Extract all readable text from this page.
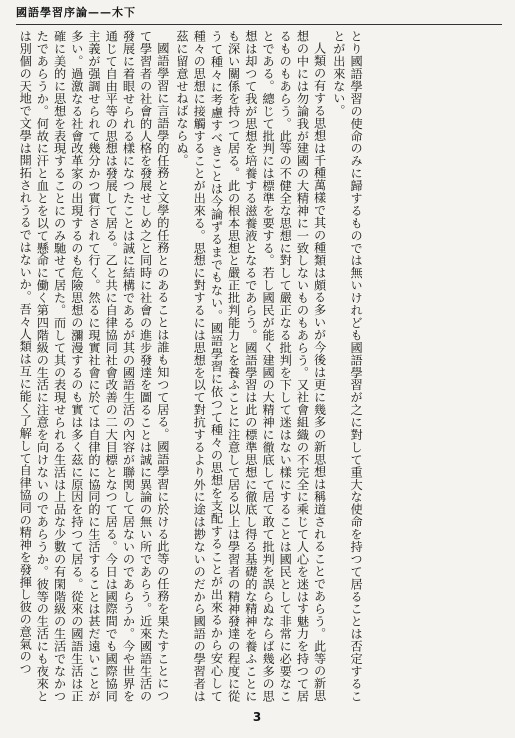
國語學習序論——木下

とり國語學習の使命のみに歸するものでは無いけれども國語學習が之に對して重大な使命を持つて居ることは否定することが出來ない。

人類の有する思想は千種萬樣で其の種類は頗る多いが今後は更に幾多の新思想は稱道されることであらう。此等の新思想の中には勿論我が建國の大精神に一致しないものもあらう。又社會組織の不完全に乘じて人心を迷はす魅力を持つて居るものもあらう。此等の不健全な思想に對して嚴正なる批判を下して迷はない樣にすることは國民として非常に必要なことである。總じて批判には標準を要する。若し國民が能く建國の大精神に徹底して居て敢て批判を誤らぬならば幾多の思想は却つて我が思想を培養する滋養液となるであらう。國語學習は此の標準思想に徹底し得る基礎的な精神を養ふことにも深い關係を持つて居る。此の根本思想と嚴正批判能力とを養ふことに注意して居る以上は學習者の精神發達の程度に從うて種々に考慮すべきことは今論ずるまでもない。國語學習に依つて種々の思想を支配することが出來るから安心して種々の思想に接觸することが出來る。思想に對するには思想を以て對抗するより外に途は尠ないのだから國語の學習者は茲に留意せねばならぬ。

國語學習に言語學的任務と文學的任務とのあることは誰も知つて居る。國語學習に於ける此等の任務を果たすことにつて學習者の社會的人格を發展せしめ之と同時に社會の進步發達を圖ることは誠に異論の無い所であらう。近來國語生活の發展に着眼せられる樣になつたことは誠に結構であるが其の國語生活の內容が聯関して居ないのであらうか。今や世界を通じて自由平等の思想は發展して居る。乙と共に自律協同社會改善の二大目標となつて居る。今日は國際間でも國際協同主義が强調せられて幾分かつ實行されて行く。然るに現實社會に於ては自律的に協同的に生活することは甚だ遠いことが多い。過激なる社會改革家の出現するのも危險思想の瀰漫するのも實は多く茲に原因を持つて居る。從來の國語生活は正確に美的に思想を表現することにのみ馳せて居た。而して其の表現せられる生活は上品な少數の有閑階級の生活でなかつたであらうか。何故に汗と血とを以て懸命に働く第四階級の生活に注意を向けないのであらうか。彼等の生活にも夜來とは別個の天地で文學は開拓されうるではないか。吾々人類は互に能く了解して自律協同の精神を發揮し彼の意氣のつ

3
